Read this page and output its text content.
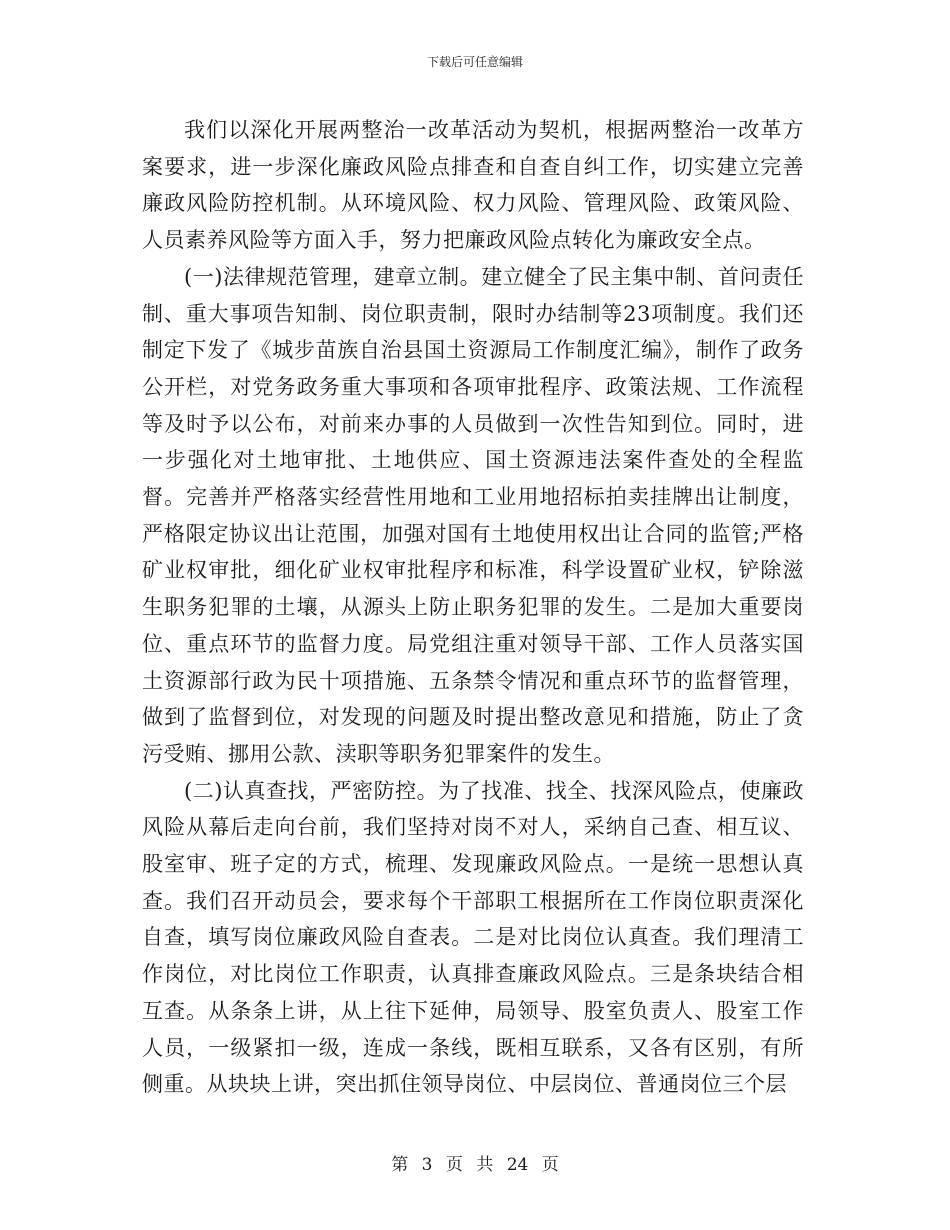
下载后可任意编辑

我们以深化开展两整治一改革活动为契机，根据两整治一改革方案要求，进一步深化廉政风险点排查和自查自纠工作，切实建立完善廉政风险防控机制。从环境风险、权力风险、管理风险、政策风险、人员素养风险等方面入手，努力把廉政风险点转化为廉政安全点。

(一)法律规范管理，建章立制。建立健全了民主集中制、首问责任制、重大事项告知制、岗位职责制，限时办结制等23项制度。我们还制定下发了《城步苗族自治县国土资源局工作制度汇编》，制作了政务公开栏，对党务政务重大事项和各项审批程序、政策法规、工作流程等及时予以公布，对前来办事的人员做到一次性告知到位。同时，进一步强化对土地审批、土地供应、国土资源违法案件查处的全程监督。完善并严格落实经营性用地和工业用地招标拍卖挂牌出让制度，严格限定协议出让范围，加强对国有土地使用权出让合同的监管;严格矿业权审批，细化矿业权审批程序和标准，科学设置矿业权，铲除滋生职务犯罪的土壤，从源头上防止职务犯罪的发生。二是加大重要岗位、重点环节的监督力度。局党组注重对领导干部、工作人员落实国土资源部行政为民十项措施、五条禁令情况和重点环节的监督管理，做到了监督到位，对发现的问题及时提出整改意见和措施，防止了贪污受贿、挪用公款、渎职等职务犯罪案件的发生。

(二)认真查找，严密防控。为了找准、找全、找深风险点，使廉政风险从幕后走向台前，我们坚持对岗不对人，采纳自己查、相互议、股室审、班子定的方式，梳理、发现廉政风险点。一是统一思想认真查。我们召开动员会，要求每个干部职工根据所在工作岗位职责深化自查，填写岗位廉政风险自查表。二是对比岗位认真查。我们理清工作岗位，对比岗位工作职责，认真排查廉政风险点。三是条块结合相互查。从条条上讲，从上往下延伸，局领导、股室负责人、股室工作人员，一级紧扣一级，连成一条线，既相互联系，又各有区别，有所侧重。从块块上讲，突出抓住领导岗位、中层岗位、普通岗位三个层

第 3 页 共 24 页
